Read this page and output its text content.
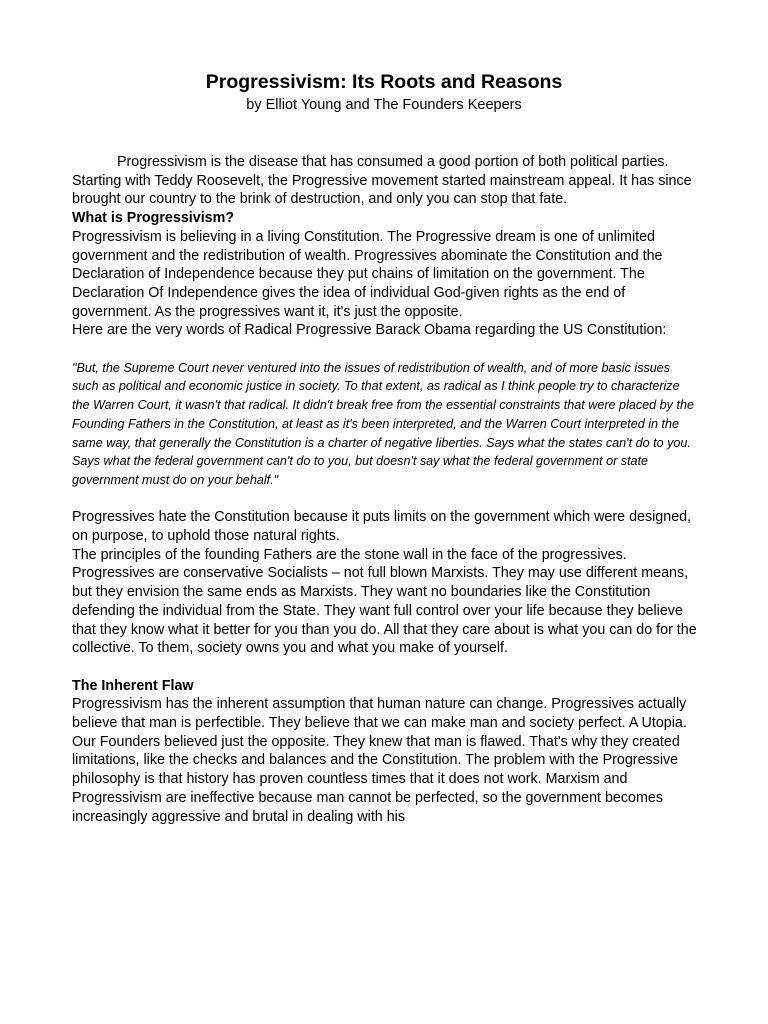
Progressivism: Its Roots and Reasons
by Elliot Young and The Founders Keepers

Progressivism is the disease that has consumed a good portion of both political parties. Starting with Teddy Roosevelt, the Progressive movement started mainstream appeal. It has since brought our country to the brink of destruction, and only you can stop that fate.

What is Progressivism?

Progressivism is believing in a living Constitution. The Progressive dream is one of unlimited government and the redistribution of wealth. Progressives abominate the Constitution and the Declaration of Independence because they put chains of limitation on the government. The Declaration Of Independence gives the idea of individual God-given rights as the end of government. As the progressives want it, it's just the opposite.

Here are the very words of Radical Progressive Barack Obama regarding the US Constitution:

"But, the Supreme Court never ventured into the issues of redistribution of wealth, and of more basic issues such as political and economic justice in society. To that extent, as radical as I think people try to characterize the Warren Court, it wasn't that radical. It didn't break free from the essential constraints that were placed by the Founding Fathers in the Constitution, at least as it's been interpreted, and the Warren Court interpreted in the same way, that generally the Constitution is a charter of negative liberties. Says what the states can't do to you. Says what the federal government can't do to you, but doesn't say what the federal government or state government must do on your behalf."

Progressives hate the Constitution because it puts limits on the government which were designed, on purpose, to uphold those natural rights.

The principles of the founding Fathers are the stone wall in the face of the progressives. Progressives are conservative Socialists – not full blown Marxists. They may use different means, but they envision the same ends as Marxists. They want no boundaries like the Constitution defending the individual from the State. They want full control over your life because they believe that they know what it better for you than you do. All that they care about is what you can do for the collective. To them, society owns you and what you make of yourself.

The Inherent Flaw

Progressivism has the inherent assumption that human nature can change. Progressives actually believe that man is perfectible. They believe that we can make man and society perfect. A Utopia. Our Founders believed just the opposite. They knew that man is flawed. That's why they created limitations, like the checks and balances and the Constitution. The problem with the Progressive philosophy is that history has proven countless times that it does not work. Marxism and Progressivism are ineffective because man cannot be perfected, so the government becomes increasingly aggressive and brutal in dealing with his
